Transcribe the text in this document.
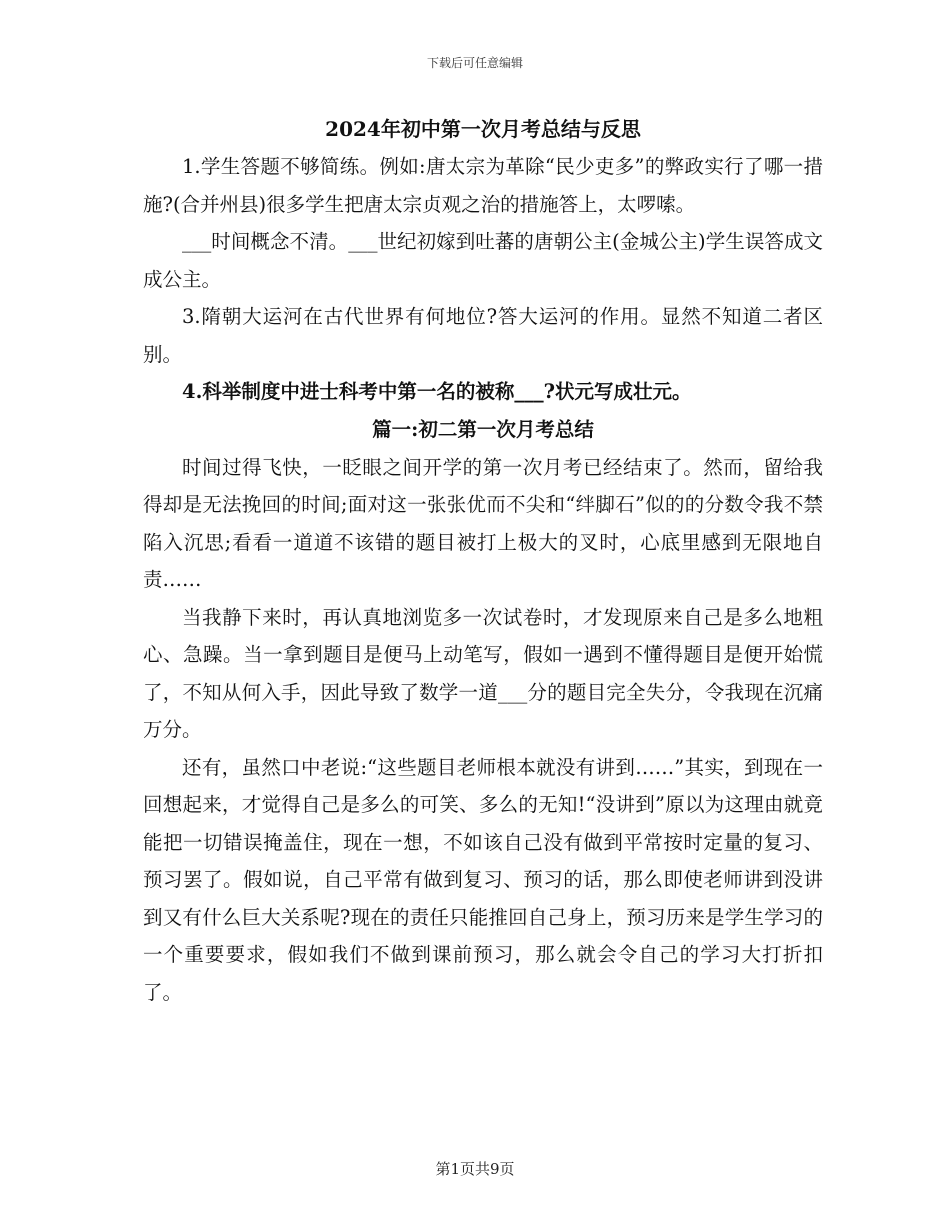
下载后可任意编辑
2024年初中第一次月考总结与反思

1.学生答题不够简练。例如:唐太宗为革除“民少吏多”的弊政实行了哪一措施?(合并州县)很多学生把唐太宗贞观之治的措施答上，太啰嗦。

___时间概念不清。___世纪初嫁到吐蕃的唐朝公主(金城公主)学生误答成文成公主。

3.隋朝大运河在古代世界有何地位?答大运河的作用。显然不知道二者区别。

4.科举制度中进士科考中第一名的被称___?状元写成壮元。

篇一:初二第一次月考总结

时间过得飞快，一眨眼之间开学的第一次月考已经结束了。然而，留给我得却是无法挽回的时间;面对这一张张优而不尖和“绊脚石”似的的分数令我不禁陷入沉思;看看一道道不该错的题目被打上极大的叉时，心底里感到无限地自责……

当我静下来时，再认真地浏览多一次试卷时，才发现原来自己是多么地粗心、急躁。当一拿到题目是便马上动笔写，假如一遇到不懂得题目是便开始慌了，不知从何入手，因此导致了数学一道___分的题目完全失分，令我现在沉痛万分。

还有，虽然口中老说:“这些题目老师根本就没有讲到……”其实，到现在一回想起来，才觉得自己是多么的可笑、多么的无知!“没讲到”原以为这理由就竟能把一切错误掩盖住，现在一想，不如该自己没有做到平常按时定量的复习、预习罢了。假如说，自己平常有做到复习、预习的话，那么即使老师讲到没讲到又有什么巨大关系呢?现在的责任只能推回自己身上，预习历来是学生学习的一个重要要求，假如我们不做到课前预习，那么就会令自己的学习大打折扣了。

第1页共9页
